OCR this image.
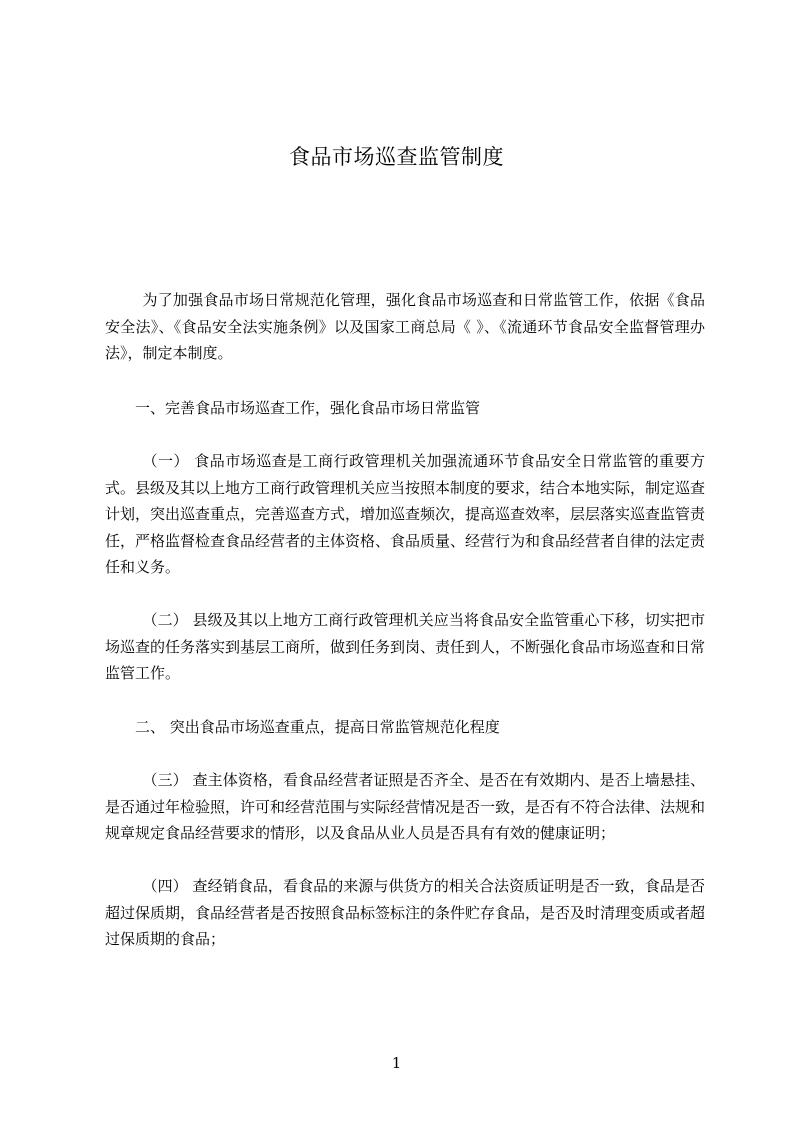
食品市场巡查监管制度

为了加强食品市场日常规范化管理，强化食品市场巡查和日常监管工作，依据《食品安全法》、《食品安全法实施条例》以及国家工商总局《 》、《流通环节食品安全监督管理办法》，制定本制度。

一、完善食品市场巡查工作，强化食品市场日常监管

（一） 食品市场巡查是工商行政管理机关加强流通环节食品安全日常监管的重要方式。县级及其以上地方工商行政管理机关应当按照本制度的要求，结合本地实际，制定巡查计划，突出巡查重点，完善巡查方式，增加巡查频次，提高巡查效率，层层落实巡查监管责任，严格监督检查食品经营者的主体资格、食品质量、经营行为和食品经营者自律的法定责任和义务。

（二） 县级及其以上地方工商行政管理机关应当将食品安全监管重心下移，切实把市场巡查的任务落实到基层工商所，做到任务到岗、责任到人，不断强化食品市场巡查和日常监管工作。

二、 突出食品市场巡查重点，提高日常监管规范化程度

（三） 查主体资格，看食品经营者证照是否齐全、是否在有效期内、是否上墙悬挂、是否通过年检验照，许可和经营范围与实际经营情况是否一致，是否有不符合法律、法规和规章规定食品经营要求的情形，以及食品从业人员是否具有有效的健康证明；

（四） 查经销食品，看食品的来源与供货方的相关合法资质证明是否一致，食品是否超过保质期，食品经营者是否按照食品标签标注的条件贮存食品，是否及时清理变质或者超过保质期的食品；

1
